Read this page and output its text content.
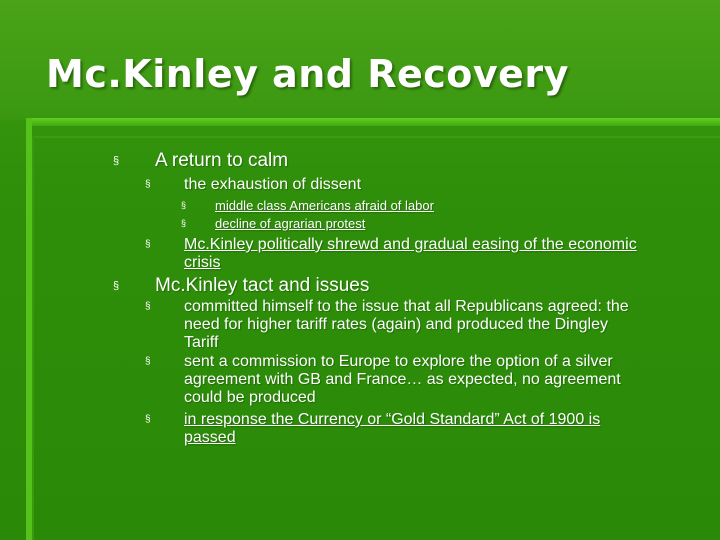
Mc.Kinley and Recovery
§ A return to calm
§ the exhaustion of dissent
§ middle class Americans afraid of labor
§ decline of agrarian protest
§ Mc.Kinley politically shrewd and gradual easing of the economic
crisis
§ Mc.Kinley tact and issues
§ committed himself to the issue that all Republicans agreed: the
need for higher tariff rates (again) and produced the Dingley
Tariff
§ sent a commission to Europe to explore the option of a silver
agreement with GB and France… as expected, no agreement
could be produced
§ in response the Currency or “Gold Standard” Act of 1900 is
passed
